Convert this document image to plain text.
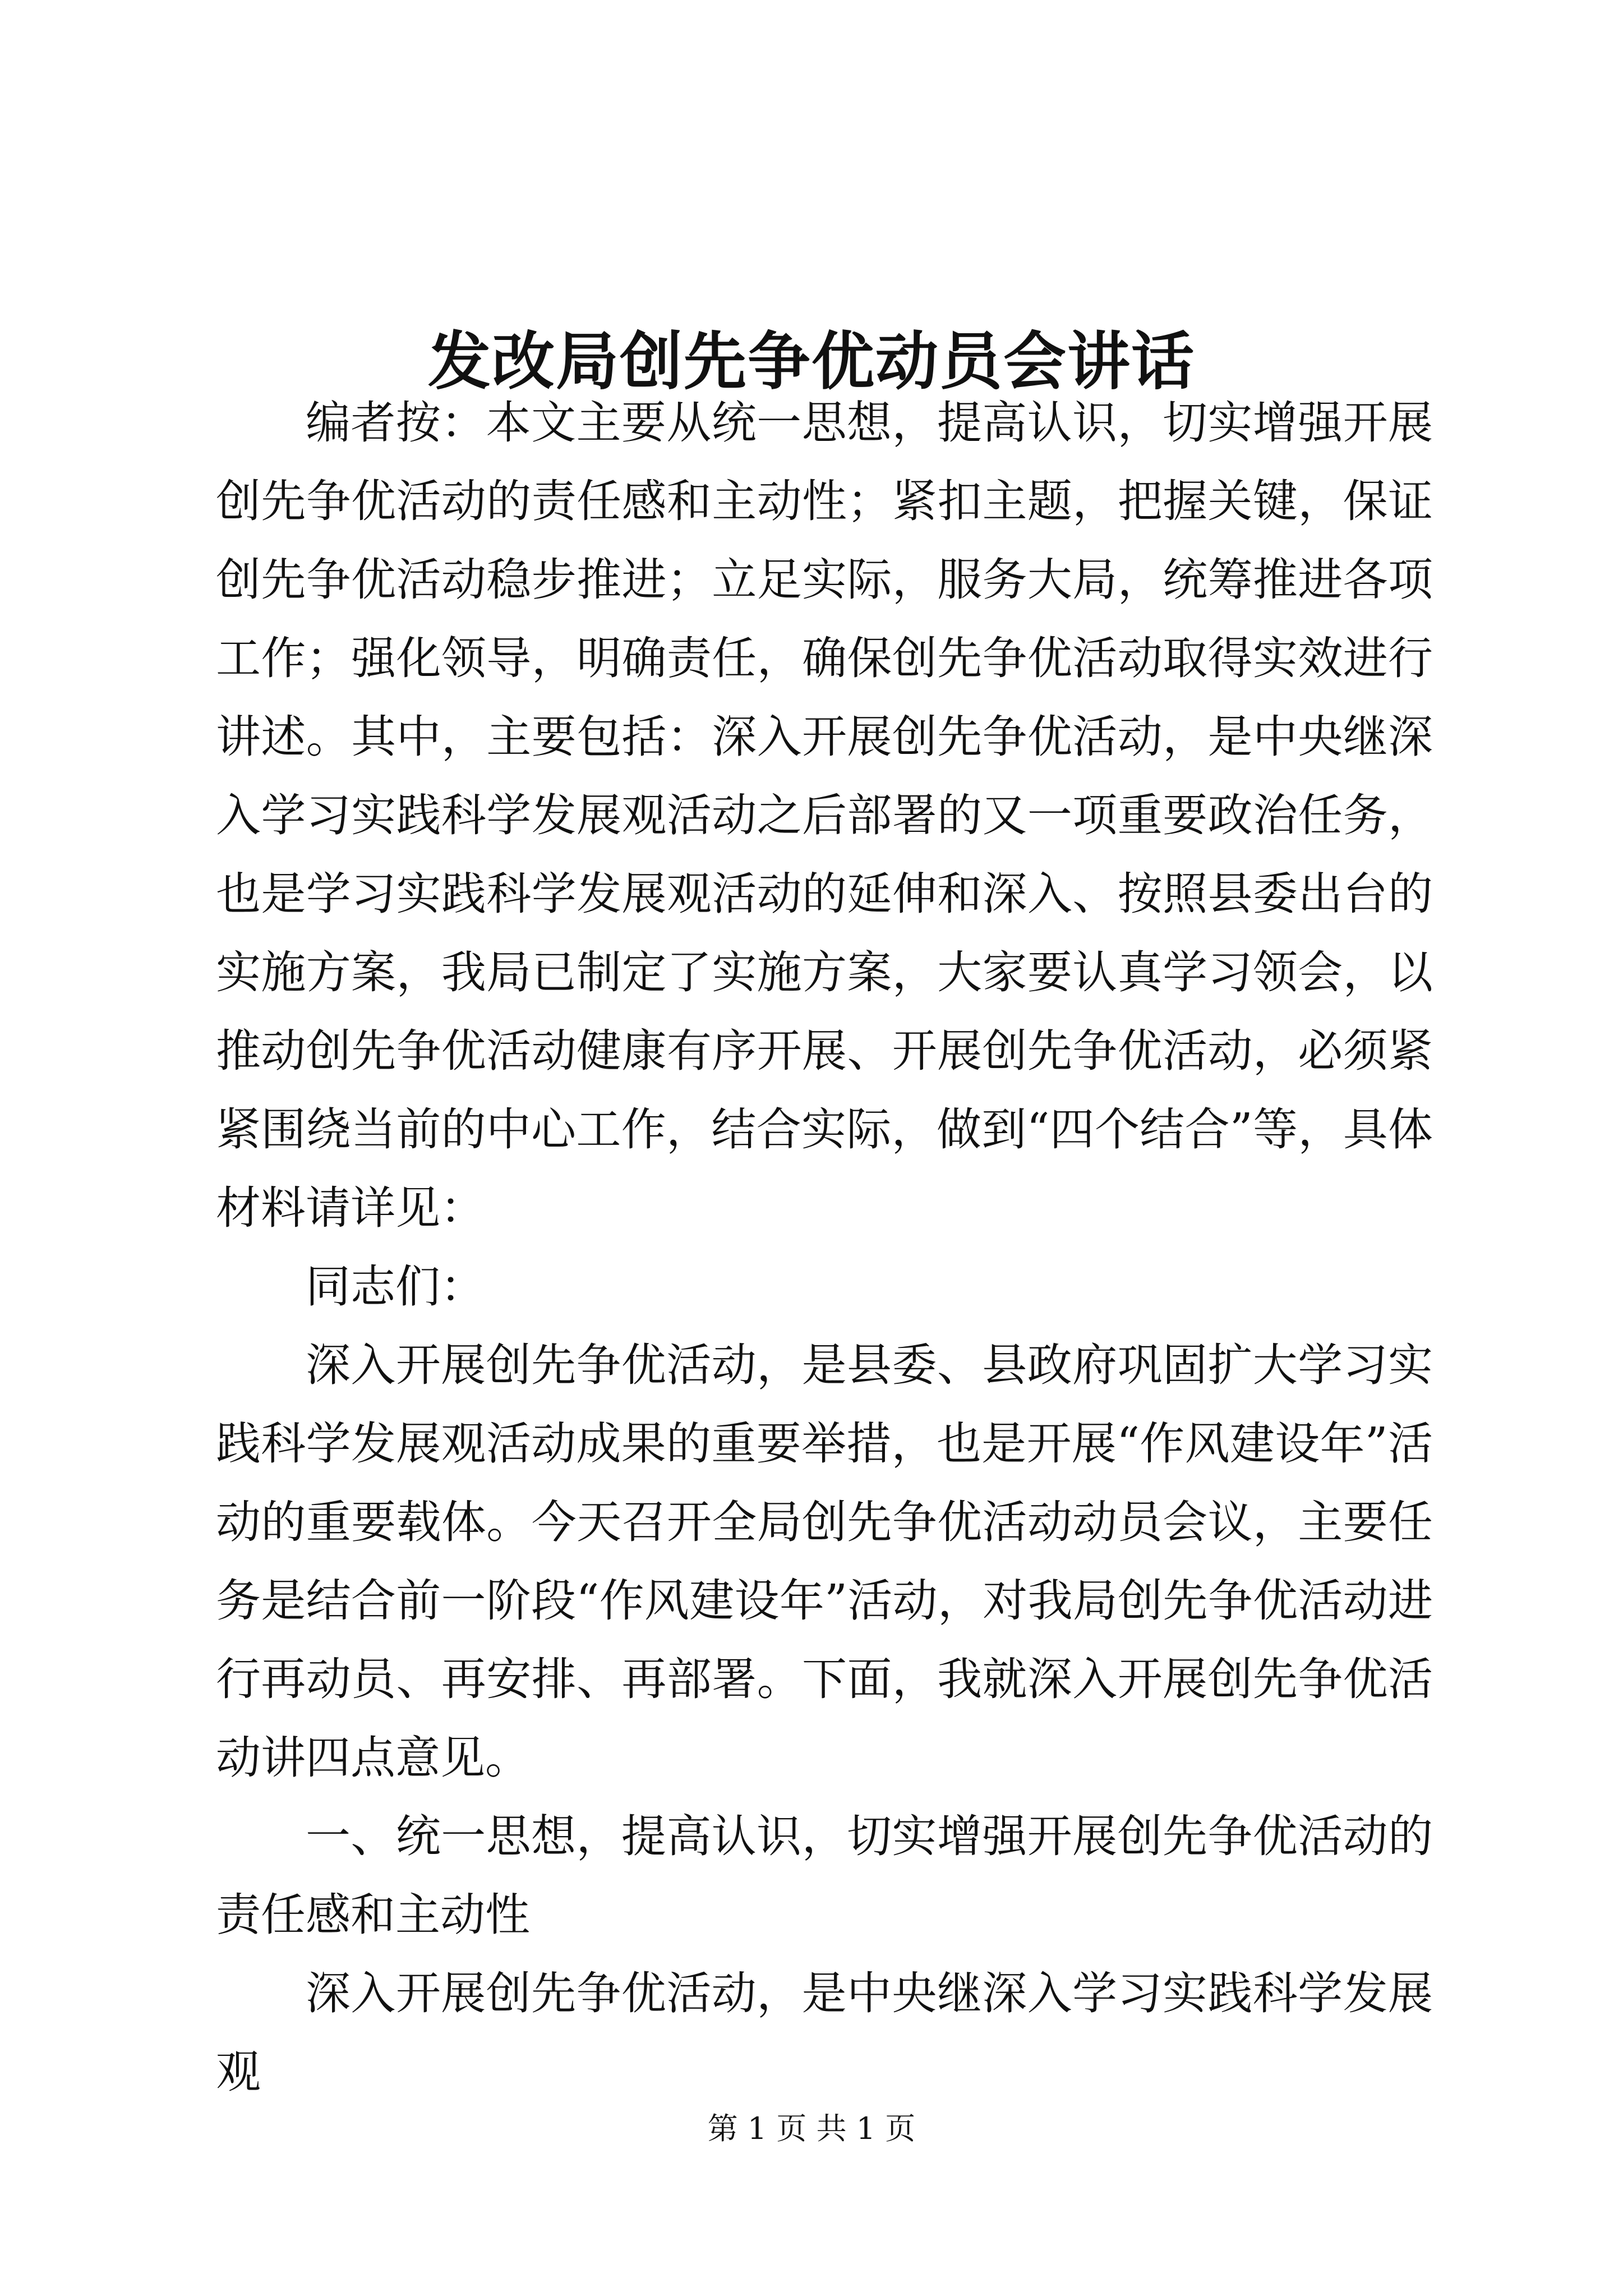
发改局创先争优动员会讲话

编者按：本文主要从统一思想，提高认识，切实增强开展创先争优活动的责任感和主动性；紧扣主题，把握关键，保证创先争优活动稳步推进；立足实际，服务大局，统筹推进各项工作；强化领导，明确责任，确保创先争优活动取得实效进行讲述。其中，主要包括：深入开展创先争优活动，是中央继深入学习实践科学发展观活动之后部署的又一项重要政治任务，也是学习实践科学发展观活动的延伸和深入、按照县委出台的实施方案，我局已制定了实施方案，大家要认真学习领会，以推动创先争优活动健康有序开展、开展创先争优活动，必须紧紧围绕当前的中心工作，结合实际，做到“四个结合”等，具体材料请详见：

同志们：

深入开展创先争优活动，是县委、县政府巩固扩大学习实践科学发展观活动成果的重要举措，也是开展“作风建设年”活动的重要载体。今天召开全局创先争优活动动员会议，主要任务是结合前一阶段“作风建设年”活动，对我局创先争优活动进行再动员、再安排、再部署。下面，我就深入开展创先争优活动讲四点意见。

一、统一思想，提高认识，切实增强开展创先争优活动的责任感和主动性

深入开展创先争优活动，是中央继深入学习实践科学发展观

第 1 页 共 1 页
